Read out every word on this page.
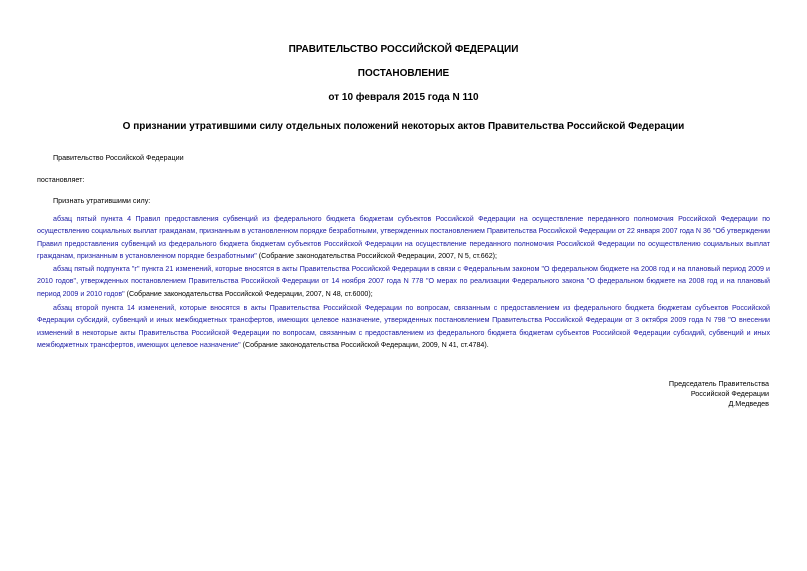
ПРАВИТЕЛЬСТВО РОССИЙСКОЙ ФЕДЕРАЦИИ
ПОСТАНОВЛЕНИЕ
от 10 февраля 2015 года N 110
О признании утратившими силу отдельных положений некоторых актов Правительства Российской Федерации
Правительство Российской Федерации
постановляет:
Признать утратившими силу:
абзац пятый пункта 4 Правил предоставления субвенций из федерального бюджета бюджетам субъектов Российской Федерации на осуществление переданного полномочия Российской Федерации по осуществлению социальных выплат гражданам, признанным в установленном порядке безработными, утвержденных постановлением Правительства Российской Федерации от 22 января 2007 года N 36 "Об утверждении Правил предоставления субвенций из федерального бюджета бюджетам субъектов Российской Федерации на осуществление переданного полномочия Российской Федерации по осуществлению социальных выплат гражданам, признанным в установленном порядке безработными" (Собрание законодательства Российской Федерации, 2007, N 5, ст.662);
абзац пятый подпункта "г" пункта 21 изменений, которые вносятся в акты Правительства Российской Федерации в связи с Федеральным законом "О федеральном бюджете на 2008 год и на плановый период 2009 и 2010 годов", утвержденных постановлением Правительства Российской Федерации от 14 ноября 2007 года N 778 "О мерах по реализации Федерального закона "О федеральном бюджете на 2008 год и на плановый период 2009 и 2010 годов" (Собрание законодательства Российской Федерации, 2007, N 48, ст.6000);
абзац второй пункта 14 изменений, которые вносятся в акты Правительства Российской Федерации по вопросам, связанным с предоставлением из федерального бюджета бюджетам субъектов Российской Федерации субсидий, субвенций и иных межбюджетных трансфертов, имеющих целевое назначение, утвержденных постановлением Правительства Российской Федерации от 3 октября 2009 года N 798 "О внесении изменений в некоторые акты Правительства Российской Федерации по вопросам, связанным с предоставлением из федерального бюджета бюджетам субъектов Российской Федерации субсидий, субвенций и иных межбюджетных трансфертов, имеющих целевое назначение" (Собрание законодательства Российской Федерации, 2009, N 41, ст.4784).
Председатель Правительства
Российской Федерации
Д.Медведев
